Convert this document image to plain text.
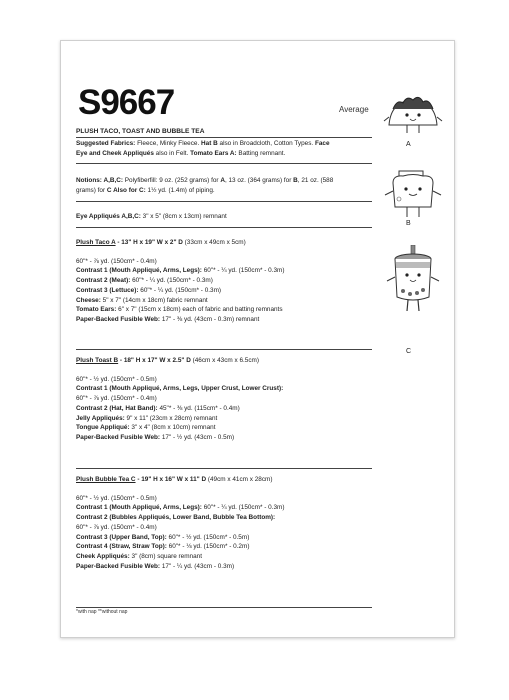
S9667	Average
PLUSH TACO, TOAST AND BUBBLE TEA

Suggested Fabrics: Fleece, Minky Fleece. Hat B also in Broadcloth, Cotton Types. Face

Eye and Cheek Appliqués also in Felt. Tomato Ears A: Batting remnant.

Notions: A,B,C: Polyfiberfill: 9 oz. (252 grams) for A, 13 oz. (364 grams) for B, 21 oz. (588

grams) for C Also for C: 1½ yd. (1.4m) of piping.

Eye Appliqués A,B,C: 3" x 5" (8cm x 13cm) remnant

Plush Taco A - 13" H x 19" W x 2" D (33cm x 49cm x 5cm)

60"* - ⅞ yd. (150cm* - 0.4m)

Contrast 1 (Mouth Appliqué, Arms, Legs): 60"* - ¼ yd. (150cm* - 0.3m)

Contrast 2 (Meat): 60"* - ¼ yd. (150cm* - 0.3m)

Contrast 3 (Lettuce): 60"* - ¼ yd. (150cm* - 0.3m)

Cheese: 5" x 7" (14cm x 18cm) fabric remnant

Tomato Ears: 6" x 7" (15cm x 18cm) each of fabric and batting remnants

Paper-Backed Fusible Web: 17" - ⅜ yd. (43cm - 0.3m) remnant

Plush Toast B - 18" H x 17" W x 2.5" D (46cm x 43cm x 6.5cm)

60"* - ½ yd. (150cm* - 0.5m)

Contrast 1 (Mouth Appliqué, Arms, Legs, Upper Crust, Lower Crust):

60"* - ⅞ yd. (150cm* - 0.4m)

Contrast 2 (Hat, Hat Band): 45"* - ⅜ yd. (115cm* - 0.4m)

Jelly Appliqués: 9" x 11" (23cm x 28cm) remnant

Tongue Appliqué: 3" x 4" (8cm x 10cm) remnant

Paper-Backed Fusible Web: 17" - ½ yd. (43cm - 0.5m)

Plush Bubble Tea C - 19" H x 16" W x 11" D (49cm x 41cm x 28cm)

60"* - ½ yd. (150cm* - 0.5m)

Contrast 1 (Mouth Appliqué, Arms, Legs): 60"* - ¼ yd. (150cm* - 0.3m)

Contrast 2 (Bubbles Appliqués, Lower Band, Bubble Tea Bottom):

60"* - ⅞ yd. (150cm* - 0.4m)

Contrast 3 (Upper Band, Top): 60"* - ½ yd. (150cm* - 0.5m)

Contrast 4 (Straw, Straw Top): 60"* - ⅛ yd. (150cm* - 0.2m)

Cheek Appliqués: 3" (8cm) square remnant

Paper-Backed Fusible Web: 17" - ¼ yd. (43cm - 0.3m)

*with nap **without nap
A
B
C
